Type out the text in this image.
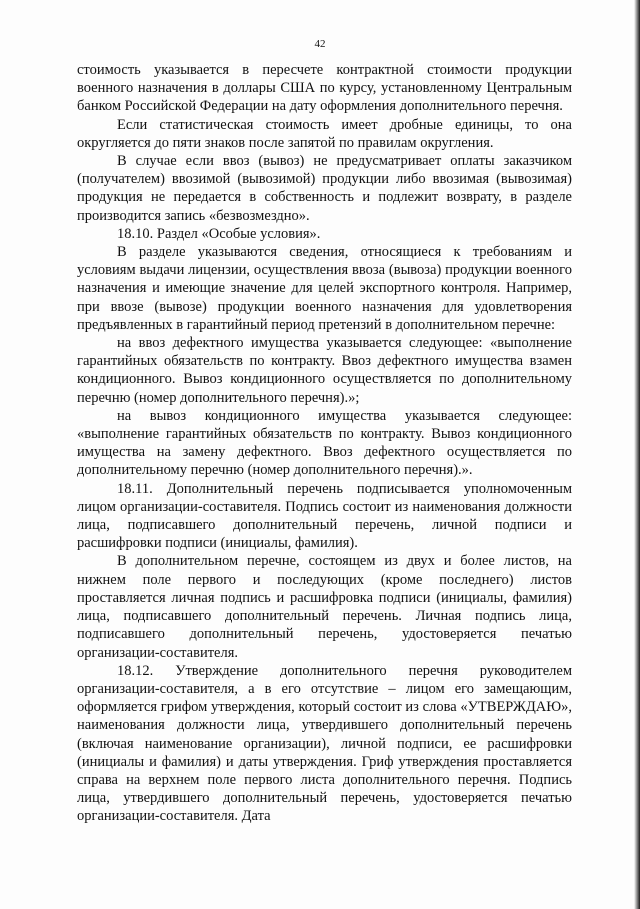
42

стоимость указывается в пересчете контрактной стоимости продукции военного назначения в доллары США по курсу, установленному Центральным банком Российской Федерации на дату оформления дополнительного перечня.

Если статистическая стоимость имеет дробные единицы, то она округляется до пяти знаков после запятой по правилам округления.

В случае если ввоз (вывоз) не предусматривает оплаты заказчиком (получателем) ввозимой (вывозимой) продукции либо ввозимая (вывозимая) продукция не передается в собственность и подлежит возврату, в разделе производится запись «безвозмездно».

18.10. Раздел «Особые условия».

В разделе указываются сведения, относящиеся к требованиям и условиям выдачи лицензии, осуществления ввоза (вывоза) продукции военного назначения и имеющие значение для целей экспортного контроля. Например, при ввозе (вывозе) продукции военного назначения для удовлетворения предъявленных в гарантийный период претензий в дополнительном перечне:

на ввоз дефектного имущества указывается следующее: «выполнение гарантийных обязательств по контракту. Ввоз дефектного имущества взамен кондиционного. Вывоз кондиционного осуществляется по дополнительному перечню (номер дополнительного перечня).»;

на вывоз кондиционного имущества указывается следующее: «выполнение гарантийных обязательств по контракту. Вывоз кондиционного имущества на замену дефектного. Ввоз дефектного осуществляется по дополнительному перечню (номер дополнительного перечня).».

18.11. Дополнительный перечень подписывается уполномоченным лицом организации-составителя. Подпись состоит из наименования должности лица, подписавшего дополнительный перечень, личной подписи и расшифровки подписи (инициалы, фамилия).

В дополнительном перечне, состоящем из двух и более листов, на нижнем поле первого и последующих (кроме последнего) листов проставляется личная подпись и расшифровка подписи (инициалы, фамилия) лица, подписавшего дополнительный перечень. Личная подпись лица, подписавшего дополнительный перечень, удостоверяется печатью организации-составителя.

18.12. Утверждение дополнительного перечня руководителем организации-составителя, а в его отсутствие – лицом его замещающим, оформляется грифом утверждения, который состоит из слова «УТВЕРЖДАЮ», наименования должности лица, утвердившего дополнительный перечень (включая наименование организации), личной подписи, ее расшифровки (инициалы и фамилия) и даты утверждения. Гриф утверждения проставляется справа на верхнем поле первого листа дополнительного перечня. Подпись лица, утвердившего дополнительный перечень, удостоверяется печатью организации-составителя. Дата
